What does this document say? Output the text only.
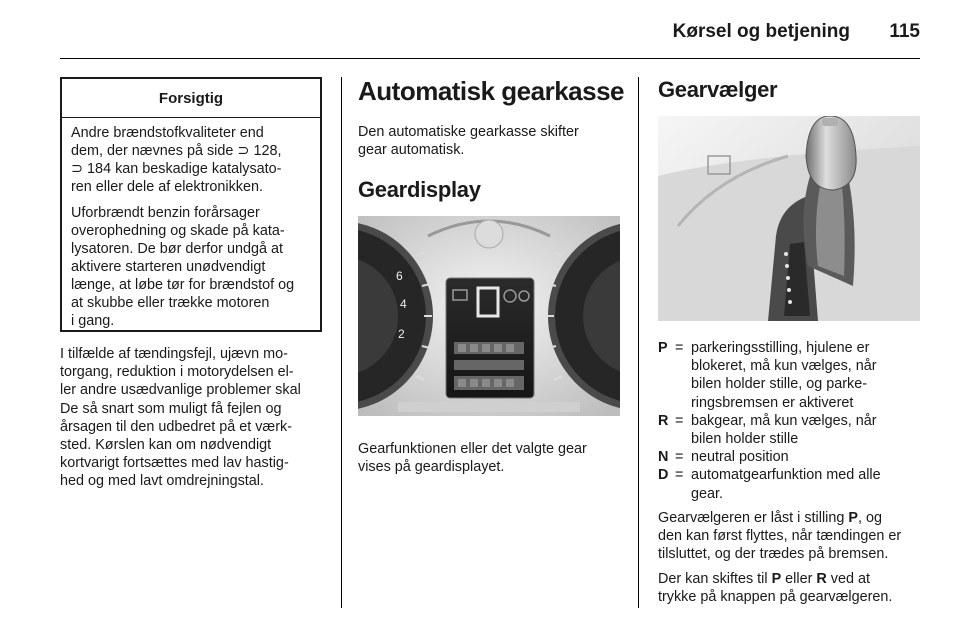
Kørsel og betjening 115
Forsigtig

Andre brændstofkvaliteter end
dem, der nævnes på side ⊃ 128,
⊃ 184 kan beskadige katalysato-
ren eller dele af elektronikken.

Uforbrændt benzin forårsager
overophedning og skade på kata-
lysatoren. De bør derfor undgå at
aktivere starteren unødvendigt
længe, at løbe tør for brændstof og
at skubbe eller trække motoren
i gang.

I tilfælde af tændingsfejl, ujævn mo-
torgang, reduktion i motorydelsen el-
ler andre usædvanlige problemer skal
De så snart som muligt få fejlen og
årsagen til den udbedret på et værk-
sted. Kørslen kan om nødvendigt
kortvarigt fortsættes med lav hastig-
hed og med lavt omdrejningstal.
Automatisk gearkasse
Den automatiske gearkasse skifter
gear automatisk.
Geardisplay
6
4
2
Gearfunktionen eller det valgte gear
vises på geardisplayet.
Gearvælger
P = parkeringsstilling, hjulene er
blokeret, må kun vælges, når
bilen holder stille, og parke-
ringsbremsen er aktiveret
R = bakgear, må kun vælges, når
bilen holder stille
N = neutral position
D = automatgearfunktion med alle
gear.
Gearvælgeren er låst i stilling P, og
den kan først flyttes, når tændingen er
tilsluttet, og der trædes på bremsen.
Der kan skiftes til P eller R ved at
trykke på knappen på gearvælgeren.
